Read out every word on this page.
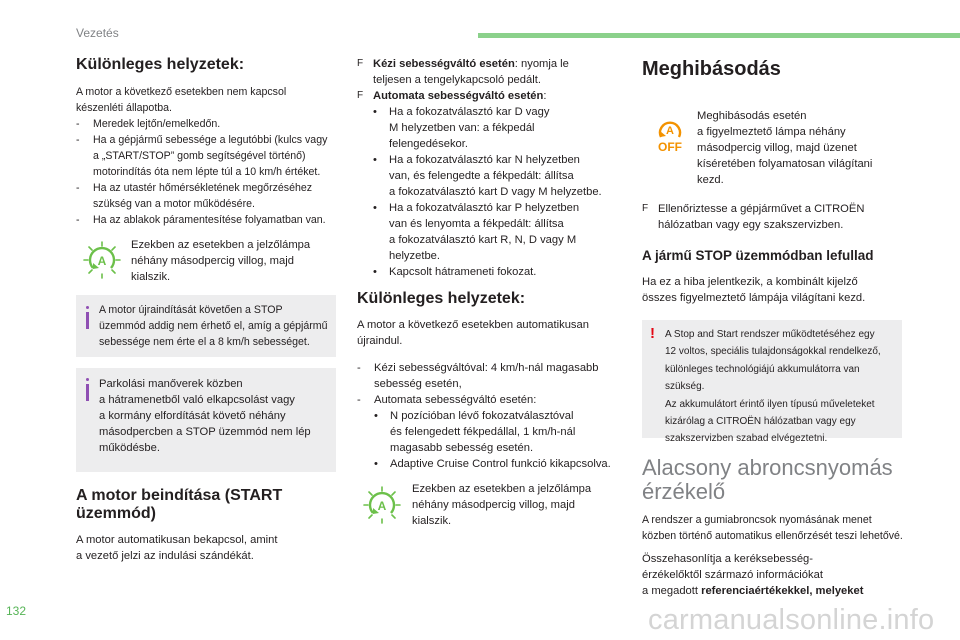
Vezetés
Különleges helyzetek:

A motor a következő esetekben nem kapcsol

készenléti állapotba.

-	Meredek lejtőn/emelkedőn.

-	Ha a gépjármű sebessége a legutóbbi (kulcs vagy

a „START/STOP” gomb segítségével történő)

motorindítás óta nem lépte túl a 10 km/h értéket.

-	Ha az utastér hőmérsékletének megőrzéséhez

szükség van a motor működésére.

-	Ha az ablakok páramentesítése folyamatban van.

A

Ezekben az esetekben a jelzőlámpa

néhány másodpercig villog, majd

kialszik.

A motor újraindítását követően a STOP

üzemmód addig nem érhető el, amíg a gépjármű

sebessége nem érte el a 8 km/h sebességet.

Parkolási manőverek közben

a hátramenetből való elkapcsolást vagy

a kormány elfordítását követő néhány

másodpercben a STOP üzemmód nem lép

működésbe.

A motor beindítása (START
üzemmód)

A motor automatikusan bekapcsol, amint

a vezető jelzi az indulási szándékát.

F Kézi sebességváltó esetén: nyomja le

teljesen a tengelykapcsoló pedált.

F Automata sebességváltó esetén:

•	Ha a fokozatválasztó kar D vagy

M helyzetben van: a fékpedál

felengedésekor.

•	Ha a fokozatválasztó kar N helyzetben

van, és felengedte a fékpedált: állítsa

a fokozatválasztó kart D vagy M helyzetbe.

•	Ha a fokozatválasztó kar P helyzetben

van és lenyomta a fékpedált: állítsa

a fokozatválasztó kart R, N, D vagy M

helyzetbe.

•	Kapcsolt hátrameneti fokozat.

Különleges helyzetek:

A motor a következő esetekben automatikusan

újraindul.

-	Kézi sebességváltóval: 4 km/h-nál magasabb

sebesség esetén,

-	Automata sebességváltó esetén:

•	N pozícióban lévő fokozatválasztóval

és felengedett fékpedállal, 1 km/h-nál

magasabb sebesség esetén.

•	Adaptive Cruise Control funkció kikapcsolva.

A

Ezekben az esetekben a jelzőlámpa

néhány másodpercig villog, majd

kialszik.

Meghibásodás
A
OFF

Meghibásodás esetén

a figyelmeztető lámpa néhány

másodpercig villog, majd üzenet

kíséretében folyamatosan világítani

kezd.

F Ellenőriztesse a gépjárművet a CITROËN

hálózatban vagy egy szakszervizben.

A jármű STOP üzemmódban lefullad

Ha ez a hiba jelentkezik, a kombinált kijelző

összes figyelmeztető lámpája világítani kezd.

! A Stop and Start rendszer működtetéséhez egy

12 voltos, speciális tulajdonságokkal rendelkező,

különleges technológiájú akkumulátorra van szükség.

Az akkumulátort érintő ilyen típusú műveleteket

kizárólag a CITROËN hálózatban vagy egy

szakszervizben szabad elvégeztetni.

Alacsony abroncsnyomás
érzékelő

A rendszer a gumiabroncsok nyomásának menet

közben történő automatikus ellenőrzését teszi lehetővé.

Összehasonlítja a keréksebesség-

érzékelőktől származó információkat

a megadott referenciaértékekkel, melyeket

132	carmanualsonline.info
